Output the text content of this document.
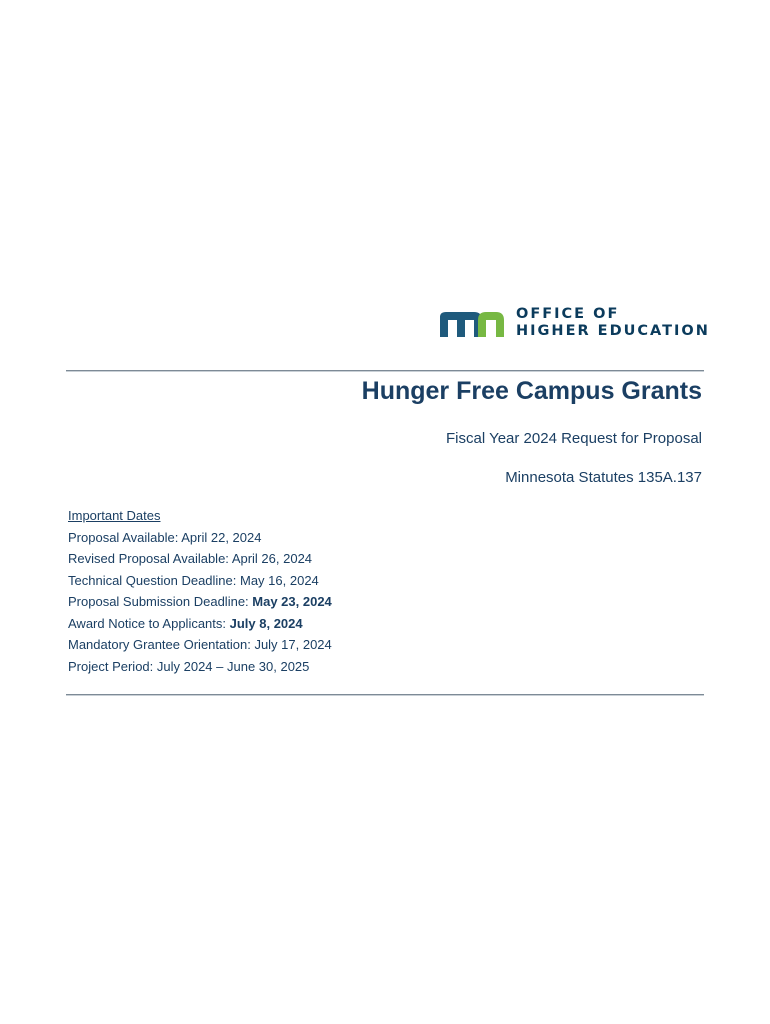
OFFICE OF
HIGHER EDUCATION
Hunger Free Campus Grants
Fiscal Year 2024 Request for Proposal
Minnesota Statutes 135A.137
Important Dates
Proposal Available: April 22, 2024
Revised Proposal Available: April 26, 2024
Technical Question Deadline: May 16, 2024
Proposal Submission Deadline: May 23, 2024
Award Notice to Applicants: July 8, 2024
Mandatory Grantee Orientation: July 17, 2024
Project Period: July 2024 – June 30, 2025
